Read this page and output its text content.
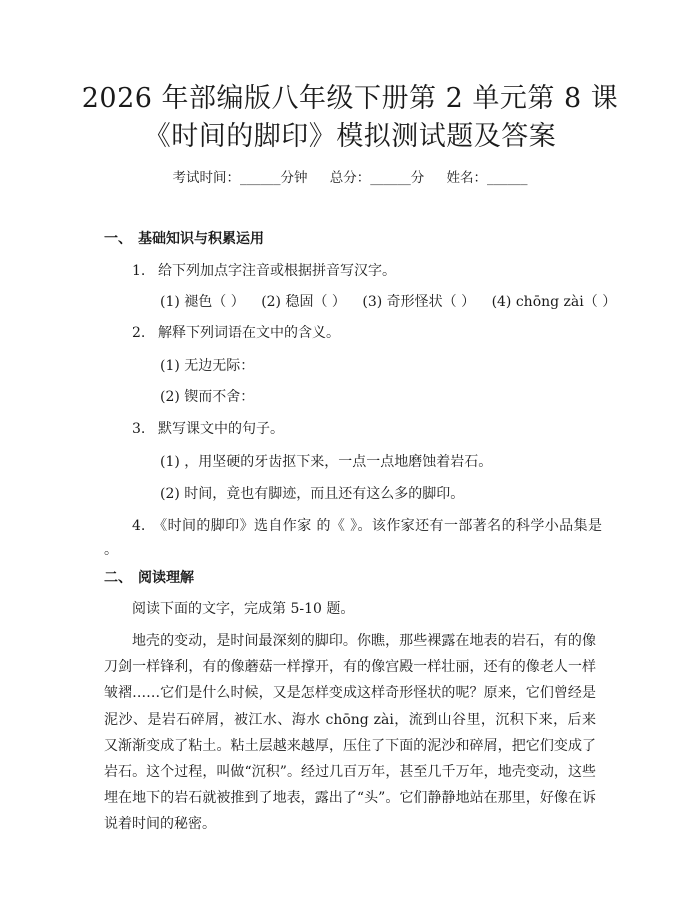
2026 年部编版八年级下册第 2 单元第 8 课
《时间的脚印》模拟测试题及答案
考试时间：______分钟 总分：______分 姓名：______
一、 基础知识与积累运用
1. 给下列加点字注音或根据拼音写汉字。
(1) 褪色（ ） (2) 稳固（ ） (3) 奇形怪状（ ） (4) chōng zài（ ）
2. 解释下列词语在文中的含义。
(1) 无边无际：
(2) 锲而不舍：
3. 默写课文中的句子。
(1) ，用坚硬的牙齿抠下来，一点一点地磨蚀着岩石。
(2) 时间，竟也有脚迹，而且还有这么多的脚印。
4.　《时间的脚印》选自作家 的《 》。该作家还有一部著名的科学小品集是 。
二、 阅读理解
阅读下面的文字，完成第 5-10 题。
地壳的变动，是时间最深刻的脚印。你瞧，那些裸露在地表的岩石，有的像刀剑一样锋利，有的像蘑菇一样撑开，有的像宫殿一样壮丽，还有的像老人一样皱褶……它们是什么时候，又是怎样变成这样奇形怪状的呢？原来，它们曾经是泥沙、是岩石碎屑，被江水、海水 chōng zài，流到山谷里，沉积下来，后来又渐渐变成了粘土。粘土层越来越厚，压住了下面的泥沙和碎屑，把它们变成了岩石。这个过程，叫做“沉积”。经过几百万年，甚至几千万年，地壳变动，这些埋在地下的岩石就被推到了地表，露出了“头”。它们静静地站在那里，好像在诉说着时间的秘密。
